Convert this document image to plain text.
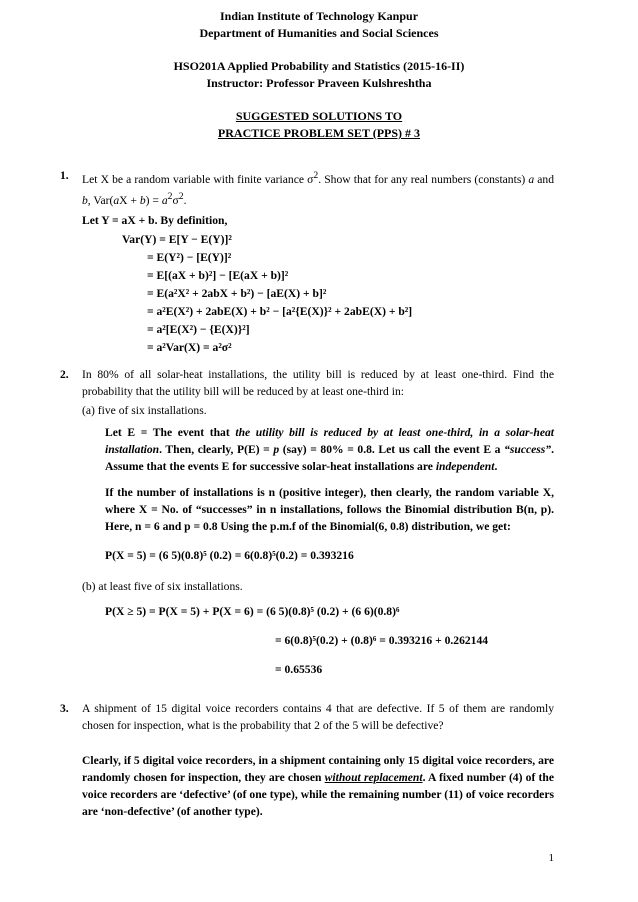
Indian Institute of Technology Kanpur
Department of Humanities and Social Sciences
HSO201A Applied Probability and Statistics (2015-16-II)
Instructor: Professor Praveen Kulshreshtha
SUGGESTED SOLUTIONS TO
PRACTICE PROBLEM SET (PPS) # 3
1. Let X be a random variable with finite variance $\sigma^2$. Show that for any real numbers (constants) a and b, $Var(aX + b) = a^2\sigma^2$.
Let Y = aX + b. By definition,
Var(Y) = E[Y − E(Y)]²
= E(Y²) − [E(Y)]²
= E[(aX + b)²] − [E(aX + b)]²
= E(a²X² + 2abX + b²) − [aE(X) + b]²
= a²E(X²) + 2abE(X) + b² − [a²{E(X)}² + 2abE(X) + b²]
= a²[E(X²) − {E(X)}²]
= a²Var(X) = a²σ²
2. In 80% of all solar-heat installations, the utility bill is reduced by at least one-third. Find the probability that the utility bill will be reduced by at least one-third in:
(a) five of six installations.
Let E = The event that the utility bill is reduced by at least one-third, in a solar-heat installation. Then, clearly, P(E) = p (say) = 80% = 0.8. Let us call the event E a “success”. Assume that the events E for successive solar-heat installations are independent.
If the number of installations is n (positive integer), then clearly, the random variable X, where X = No. of “successes” in n installations, follows the Binomial distribution B(n, p). Here, n = 6 and p = 0.8 Using the p.m.f of the Binomial(6, 0.8) distribution, we get:
P(X = 5) = (6 5)(0.8)⁵ (0.2) = 6(0.8)⁵(0.2) = 0.393216
(b) at least five of six installations.
P(X ≥ 5) = P(X = 5) + P(X = 6) = (6 5)(0.8)⁵ (0.2) + (6 6)(0.8)⁶
= 6(0.8)⁵(0.2) + (0.8)⁶ = 0.393216 + 0.262144
= 0.65536
3. A shipment of 15 digital voice recorders contains 4 that are defective. If 5 of them are randomly chosen for inspection, what is the probability that 2 of the 5 will be defective?
Clearly, if 5 digital voice recorders, in a shipment containing only 15 digital voice recorders, are randomly chosen for inspection, they are chosen without replacement. A fixed number (4) of the voice recorders are ‘defective’ (of one type), while the remaining number (11) of voice recorders are ‘non-defective’ (of another type).
1
